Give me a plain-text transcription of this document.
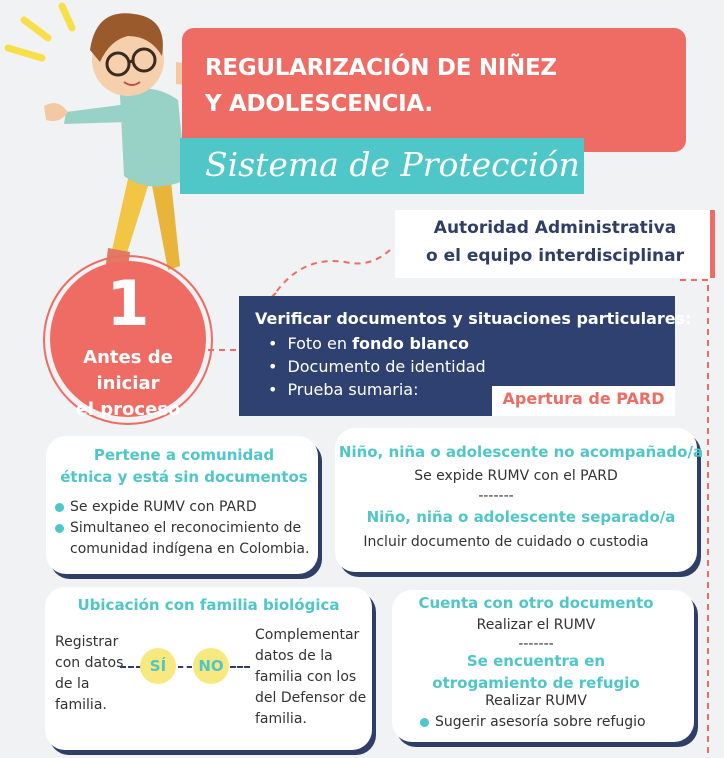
REGULARIZACIÓN DE NIÑEZ
Y ADOLESCENCIA.
Sistema de Protección
Autoridad Administrativa
o el equipo interdisciplinar
1
Antes de iniciar
el proceso
Verificar documentos y situaciones particulares:
• Foto en fondo blanco
• Documento de identidad
• Prueba sumaria:	Apertura de PARD
Pertene a comunidad
étnica y está sin documentos
Se expide RUMV con PARD
Simultaneo el reconocimiento de
comunidad indígena en Colombia.
Niño, niña o adolescente no acompañado/a
Se expide RUMV con el PARD
-------
Niño, niña o adolescente separado/a
Incluir documento de cuidado o custodia
Ubicación con familia biológica
Registrar
con datos
de la
familia.
SÍ	NO
Complementar
datos de la
familia con los
del Defensor de
familia.
Cuenta con otro documento
Realizar el RUMV
-------
Se encuentra en
otrogamiento de refugio
Realizar RUMV
Sugerir asesoría sobre refugio
